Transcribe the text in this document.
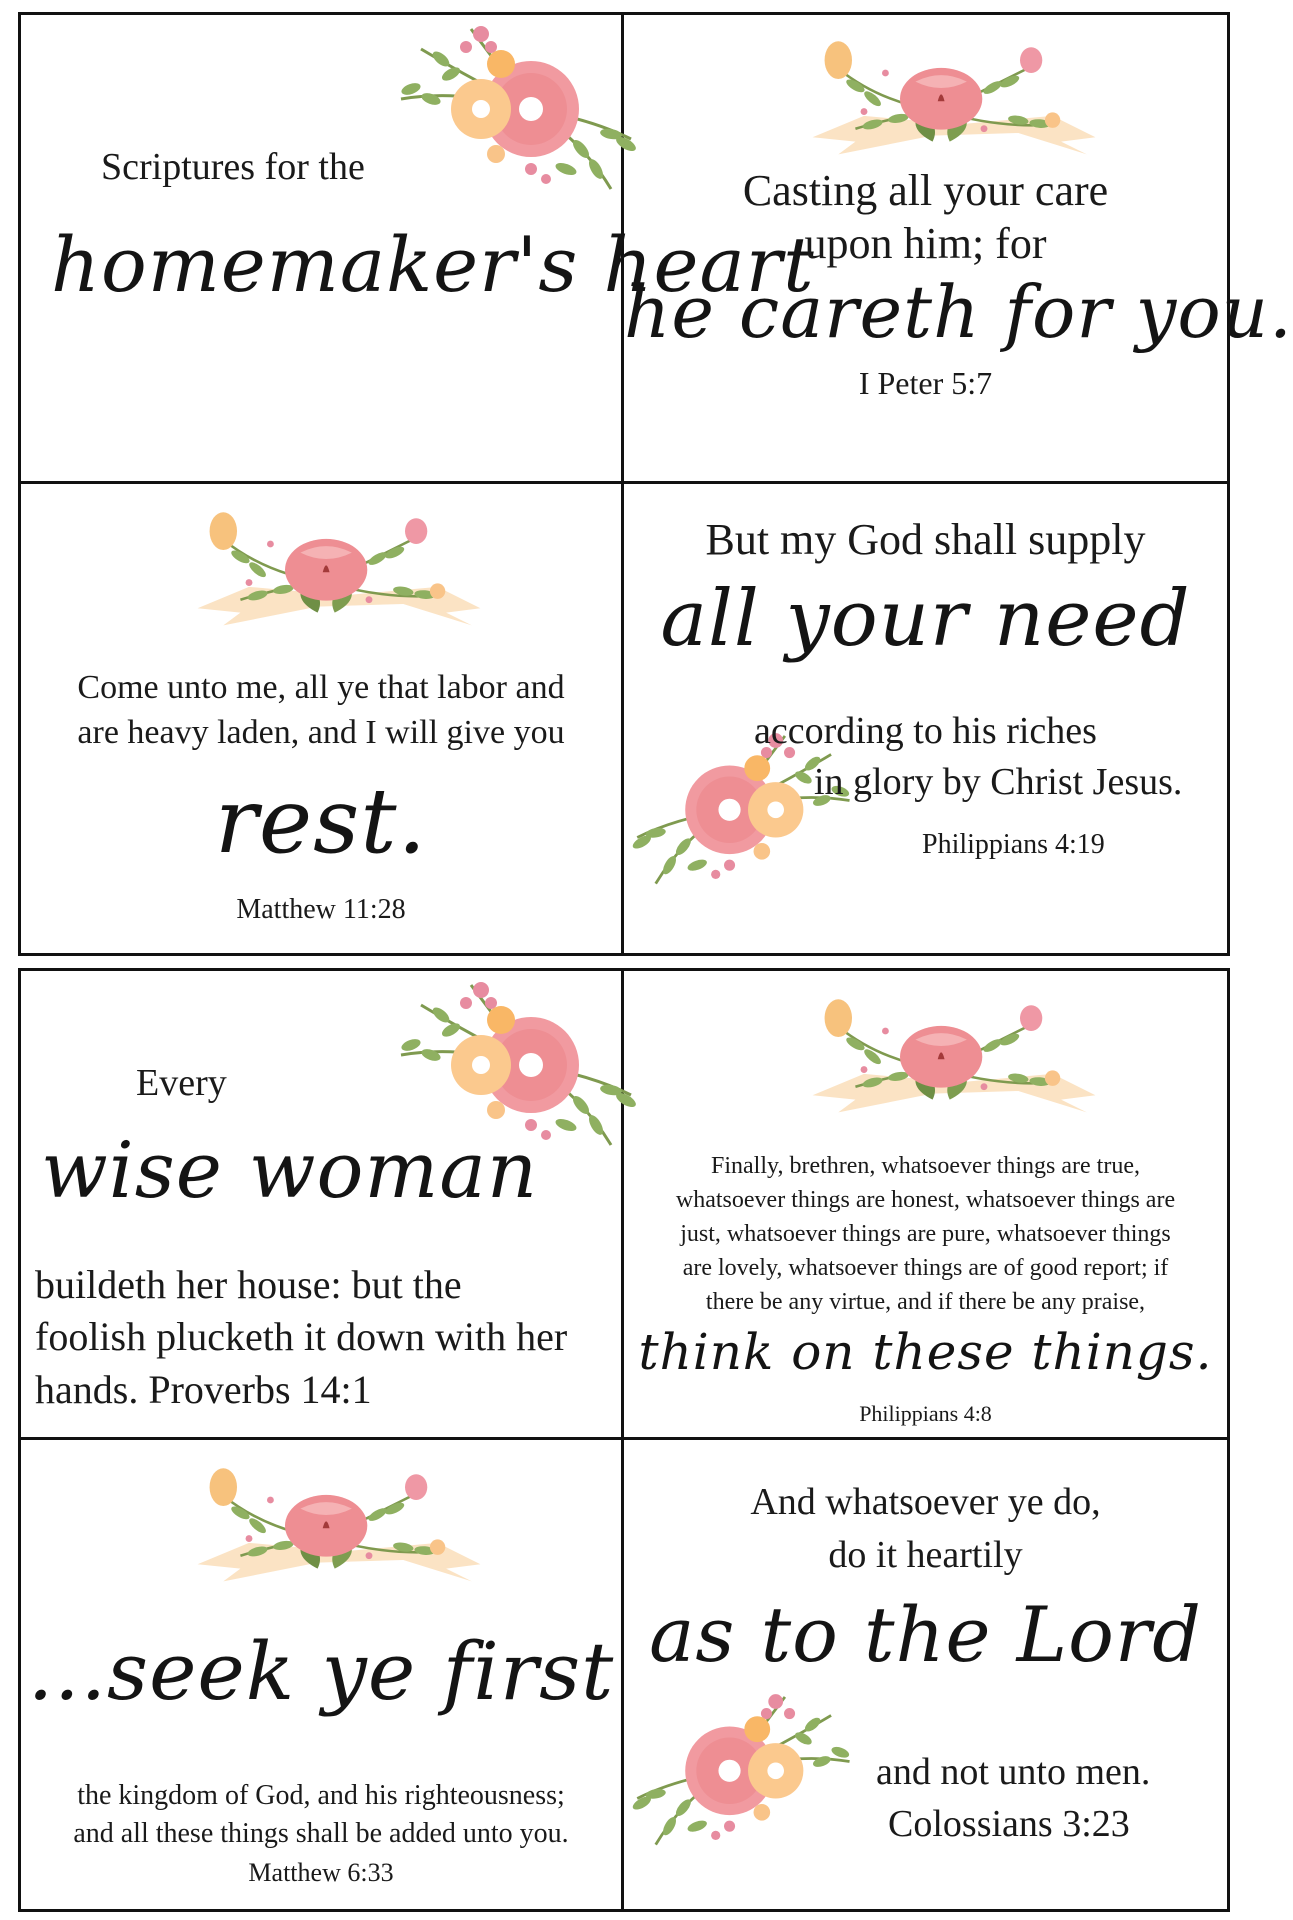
Scriptures for the
homemaker's heart
Casting all your care
upon him; for
he careth for you.
I Peter 5:7
Come unto me, all ye that labor and
are heavy laden, and I will give you
rest.
Matthew 11:28
But my God shall supply
all your need
according to his riches
in glory by Christ Jesus.
Philippians 4:19
Every
wise woman
buildeth her house: but the
foolish plucketh it down with her
hands. Proverbs 14:1
Finally, brethren, whatsoever things are true,
whatsoever things are honest, whatsoever things are
just, whatsoever things are pure, whatsoever things
are lovely, whatsoever things are of good report; if
there be any virtue, and if there be any praise,
think on these things.
Philippians 4:8
...seek ye first
the kingdom of God, and his righteousness;
and all these things shall be added unto you.
Matthew 6:33
And whatsoever ye do,
do it heartily
as to the Lord
and not unto men.
Colossians 3:23
